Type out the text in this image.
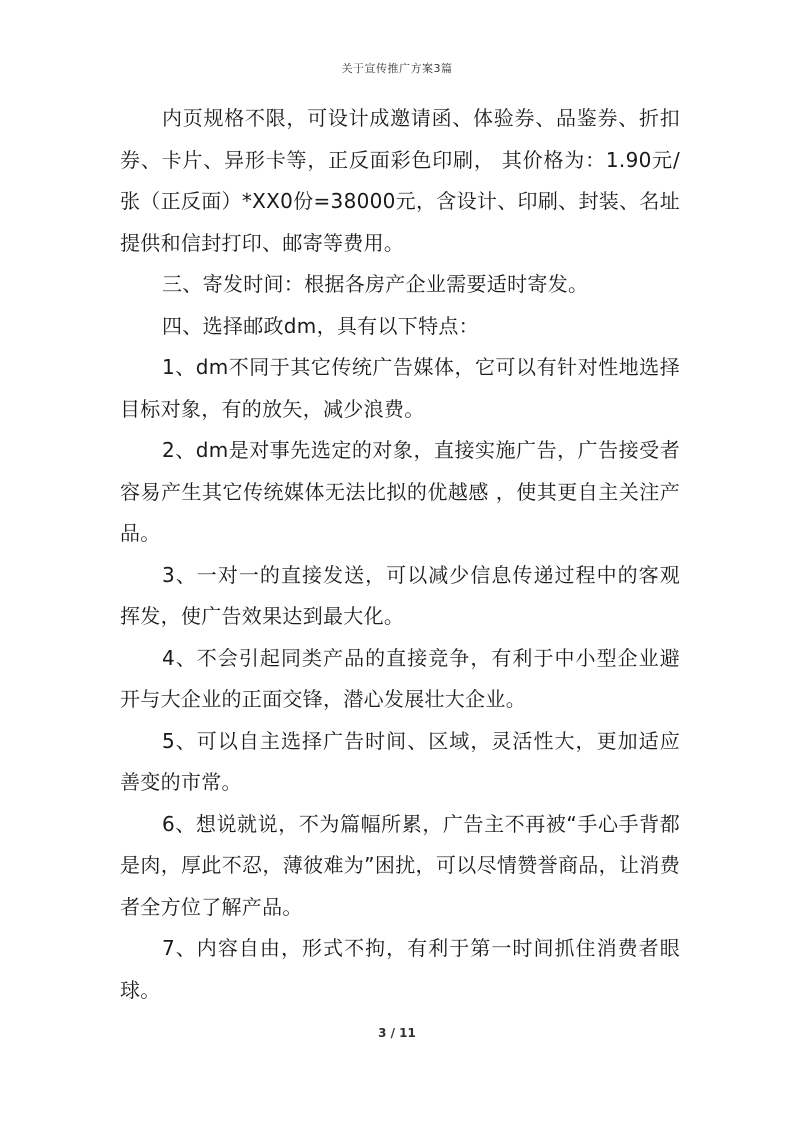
关于宣传推广方案3篇

内页规格不限，可设计成邀请函、体验券、品鉴券、折扣券、卡片、异形卡等，正反面彩色印刷， 其价格为：1.90元/张（正反面）*XX0份=38000元，含设计、印刷、封装、名址提供和信封打印、邮寄等费用。

三、寄发时间：根据各房产企业需要适时寄发。

四、选择邮政dm，具有以下特点：

1、dm不同于其它传统广告媒体，它可以有针对性地选择目标对象，有的放矢，减少浪费。

2、dm是对事先选定的对象，直接实施广告，广告接受者容易产生其它传统媒体无法比拟的优越感 ，使其更自主关注产品。

3、一对一的直接发送，可以减少信息传递过程中的客观挥发，使广告效果达到最大化。

4、不会引起同类产品的直接竞争，有利于中小型企业避开与大企业的正面交锋，潜心发展壮大企业。

5、可以自主选择广告时间、区域，灵活性大，更加适应善变的市常。

6、想说就说，不为篇幅所累，广告主不再被“手心手背都是肉，厚此不忍，薄彼难为”困扰，可以尽情赞誉商品，让消费者全方位了解产品。

7、内容自由，形式不拘，有利于第一时间抓住消费者眼球。

3 / 11
